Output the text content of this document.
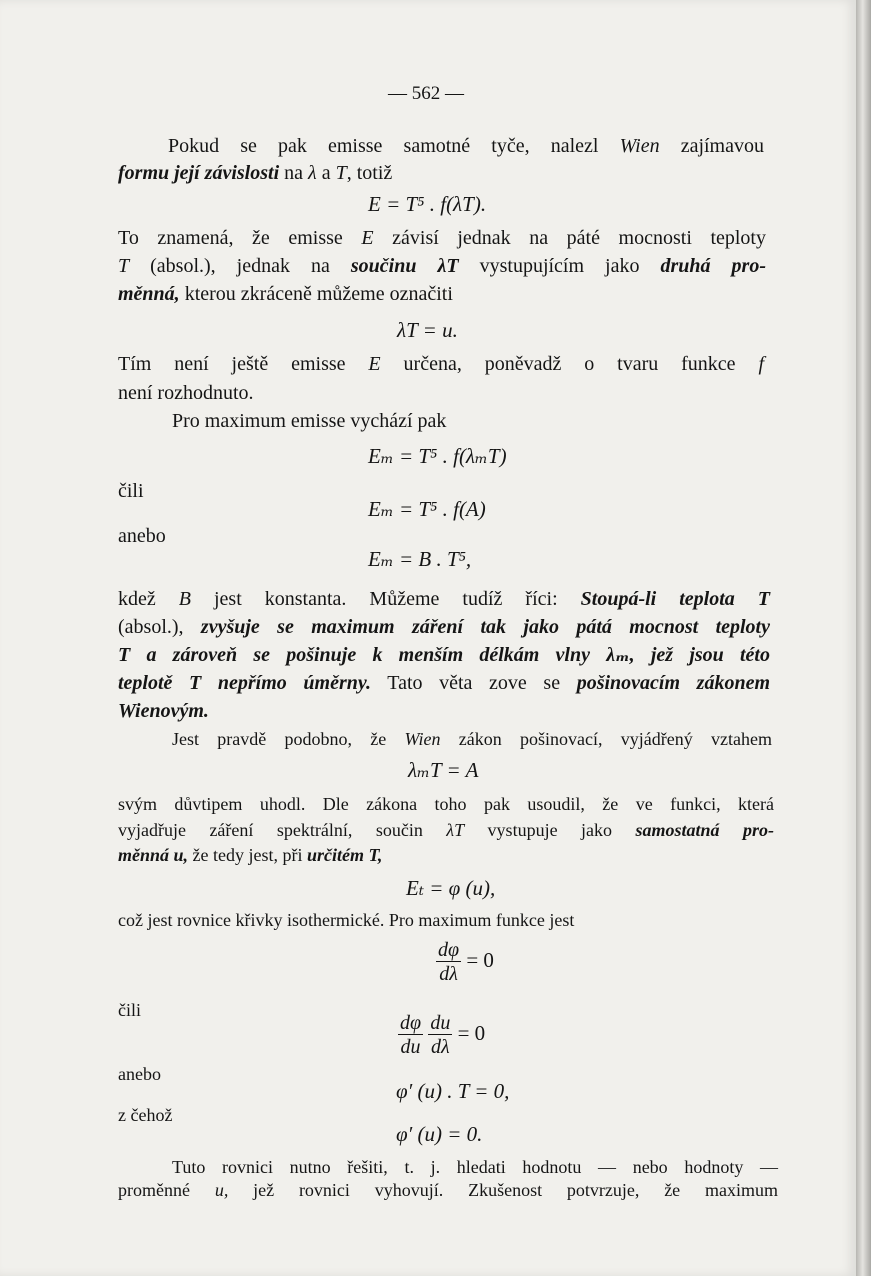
— 562 —

Pokud se pak emisse samotné tyče, nalezl Wien zajímavou

formu její závislosti na λ a T, totiž

E = T⁵ . f(λT).

To znamená, že emisse E závisí jednak na páté mocnosti teploty

T (absol.), jednak na součinu λT vystupujícím jako druhá pro-

měnná, kterou zkráceně můžeme označiti

λT = u.

Tím není ještě emisse E určena, poněvadž o tvaru funkce f

není rozhodnuto.

Pro maximum emisse vychází pak

Eₘ = T⁵ . f(λₘT)

čili

Eₘ = T⁵ . f(A)

anebo

Eₘ = B . T⁵,

kdež B jest konstanta. Můžeme tudíž říci: Stoupá-li teplota T

(absol.), zvyšuje se maximum záření tak jako pátá mocnost teploty

T a zároveň se pošinuje k menším délkám vlny λₘ, jež jsou této

teplotě T nepřímo úměrny. Tato věta zove se pošinovacím zákonem

Wienovým.

Jest pravdě podobno, že Wien zákon pošinovací, vyjádřený vztahem

λₘT = A

svým důvtipem uhodl. Dle zákona toho pak usoudil, že ve funkci, která

vyjadřuje záření spektrální, součin λT vystupuje jako samostatná pro-

měnná u, že tedy jest, při určitém T,

Eₜ = φ (u),

což jest rovnice křivky isothermické. Pro maximum funkce jest

$\frac{d\varphi}{d\lambda} = 0$

čili

$\frac{d\varphi}{du}$
$\frac{du}{d\lambda} = 0$

anebo

φ′ (u) . T = 0,

z čehož

φ′ (u) = 0.

Tuto rovnici nutno řešiti, t. j. hledati hodnotu — nebo hodnoty —

proměnné u, jež rovnici vyhovují. Zkušenost potvrzuje, že maximum
